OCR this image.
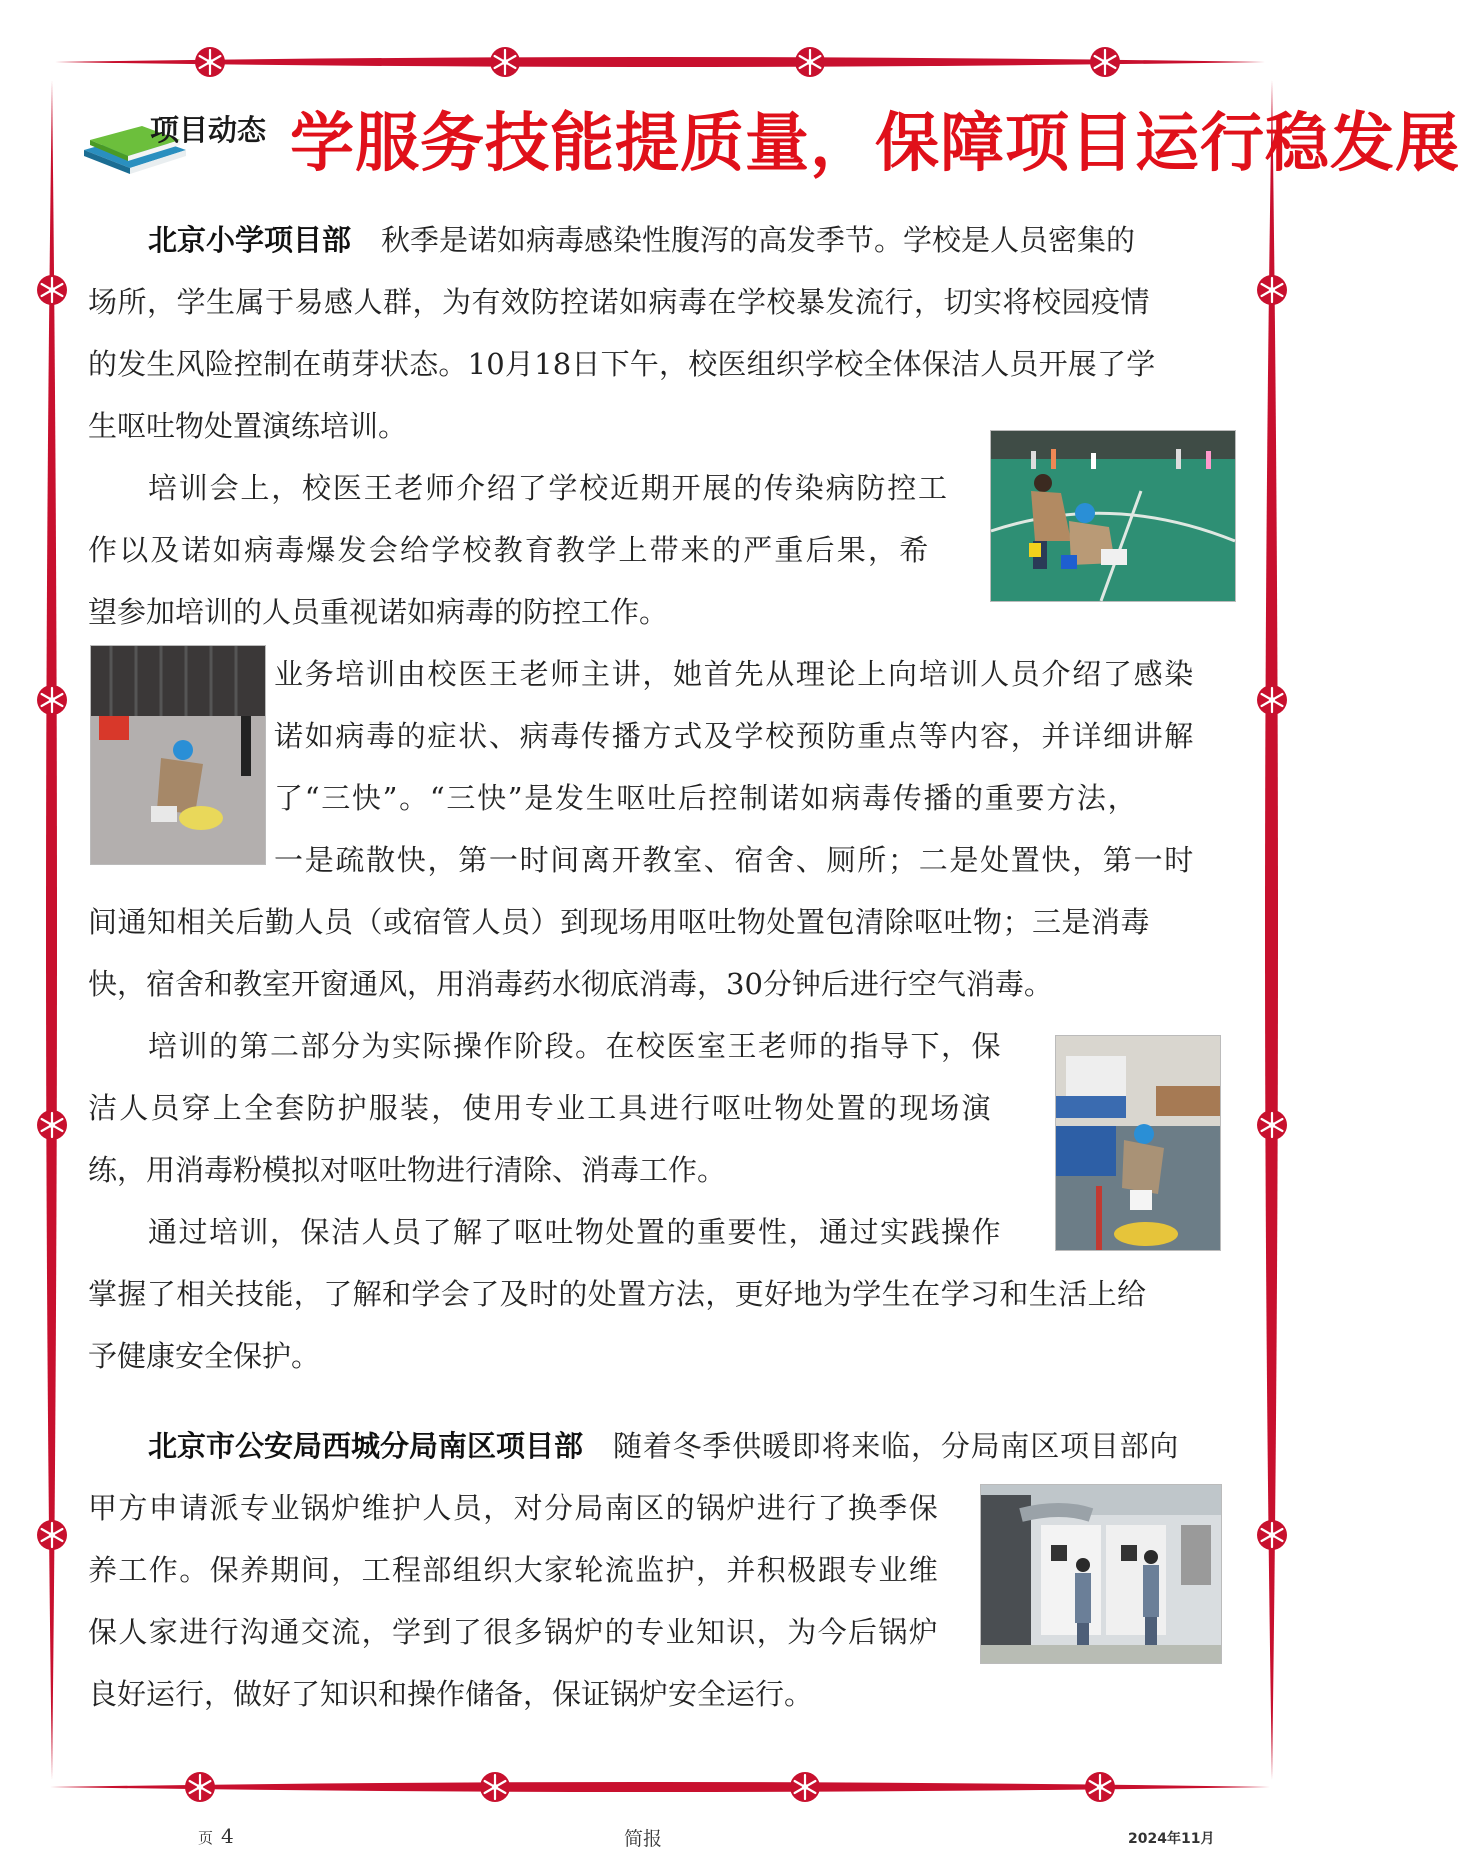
项目动态 学服务技能提质量，保障项目运行稳发展
北京小学项目部 秋季是诺如病毒感染性腹泻的高发季节。学校是人员密集的
场所，学生属于易感人群，为有效防控诺如病毒在学校暴发流行，切实将校园疫情
的发生风险控制在萌芽状态。10月18日下午，校医组织学校全体保洁人员开展了学
生呕吐物处置演练培训。
培训会上，校医王老师介绍了学校近期开展的传染病防控工
作以及诺如病毒爆发会给学校教育教学上带来的严重后果，希
望参加培训的人员重视诺如病毒的防控工作。
业务培训由校医王老师主讲，她首先从理论上向培训人员介绍了感染
诺如病毒的症状、病毒传播方式及学校预防重点等内容，并详细讲解
了“三快”。“三快”是发生呕吐后控制诺如病毒传播的重要方法，
一是疏散快，第一时间离开教室、宿舍、厕所；二是处置快，第一时
间通知相关后勤人员（或宿管人员）到现场用呕吐物处置包清除呕吐物；三是消毒
快，宿舍和教室开窗通风，用消毒药水彻底消毒，30分钟后进行空气消毒。
培训的第二部分为实际操作阶段。在校医室王老师的指导下，保
洁人员穿上全套防护服装，使用专业工具进行呕吐物处置的现场演
练，用消毒粉模拟对呕吐物进行清除、消毒工作。
通过培训，保洁人员了解了呕吐物处置的重要性，通过实践操作
掌握了相关技能，了解和学会了及时的处置方法，更好地为学生在学习和生活上给
予健康安全保护。
北京市公安局西城分局南区项目部 随着冬季供暖即将来临，分局南区项目部向
甲方申请派专业锅炉维护人员，对分局南区的锅炉进行了换季保
养工作。保养期间，工程部组织大家轮流监护，并积极跟专业维
保人家进行沟通交流，学到了很多锅炉的专业知识，为今后锅炉
良好运行，做好了知识和操作储备，保证锅炉安全运行。
页 4	简报	2024年11月
